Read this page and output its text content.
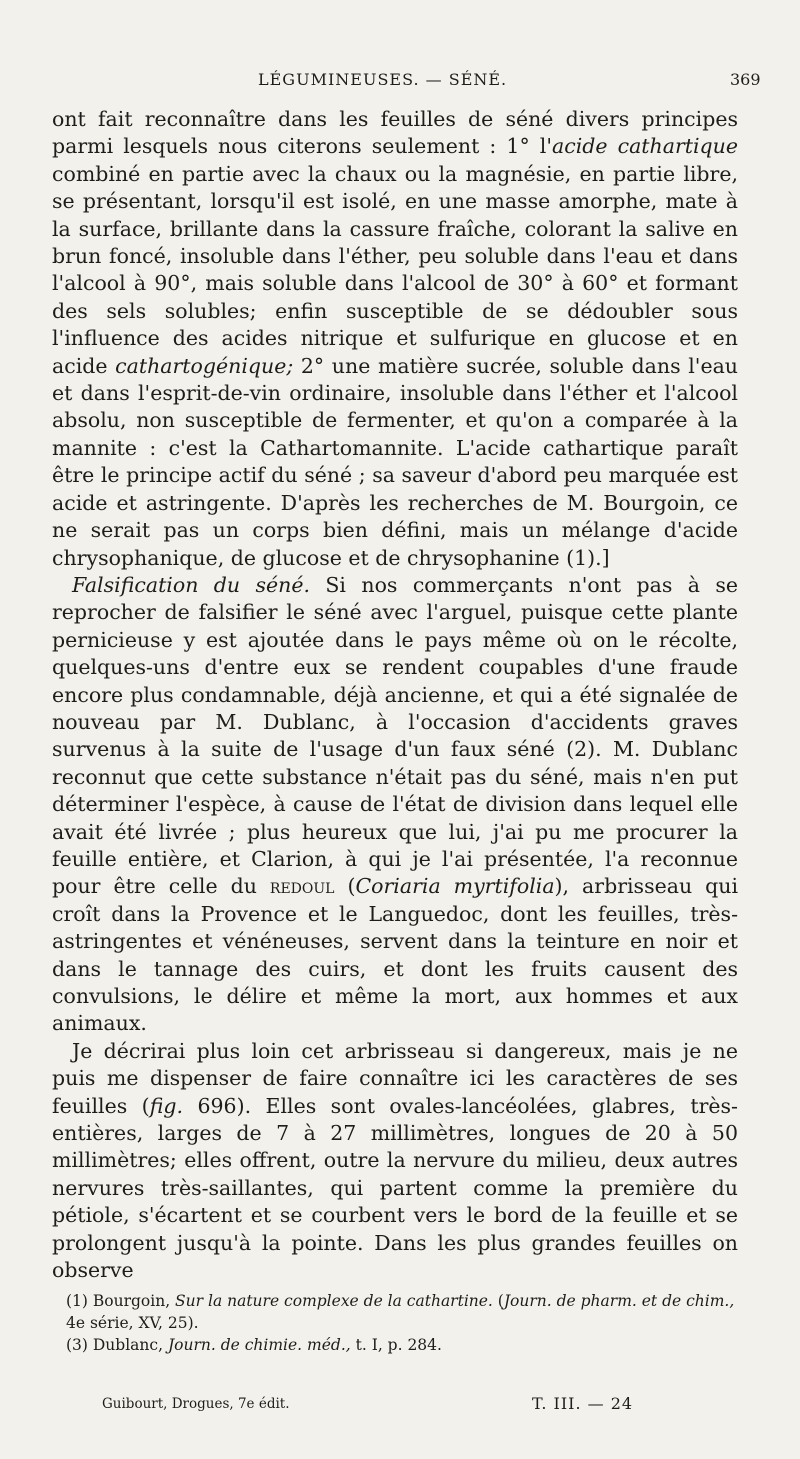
LÉGUMINEUSES. — SÉNÉ.	369

ont fait reconnaître dans les feuilles de séné divers principes parmi lesquels nous citerons seulement : 1° l'acide cathartique combiné en partie avec la chaux ou la magnésie, en partie libre, se présentant, lorsqu'il est isolé, en une masse amorphe, mate à la surface, brillante dans la cassure fraîche, colorant la salive en brun foncé, insoluble dans l'éther, peu soluble dans l'eau et dans l'alcool à 90°, mais soluble dans l'alcool de 30° à 60° et formant des sels solubles; enfin susceptible de se dédoubler sous l'influence des acides nitrique et sulfurique en glucose et en acide cathartogénique; 2° une matière sucrée, soluble dans l'eau et dans l'esprit-de-vin ordinaire, insoluble dans l'éther et l'alcool absolu, non susceptible de fermenter, et qu'on a comparée à la mannite : c'est la Cathartomannite. L'acide cathartique paraît être le principe actif du séné ; sa saveur d'abord peu marquée est acide et astringente. D'après les recherches de M. Bourgoin, ce ne serait pas un corps bien défini, mais un mélange d'acide chrysophanique, de glucose et de chrysophanine (1).]

Falsification du séné. Si nos commerçants n'ont pas à se reprocher de falsifier le séné avec l'arguel, puisque cette plante pernicieuse y est ajoutée dans le pays même où on le récolte, quelques-uns d'entre eux se rendent coupables d'une fraude encore plus condamnable, déjà ancienne, et qui a été signalée de nouveau par M. Dublanc, à l'occasion d'accidents graves survenus à la suite de l'usage d'un faux séné (2). M. Dublanc reconnut que cette substance n'était pas du séné, mais n'en put déterminer l'espèce, à cause de l'état de division dans lequel elle avait été livrée ; plus heureux que lui, j'ai pu me procurer la feuille entière, et Clarion, à qui je l'ai présentée, l'a reconnue pour être celle du redoul (Coriaria myrtifolia), arbrisseau qui croît dans la Provence et le Languedoc, dont les feuilles, très-astringentes et vénéneuses, servent dans la teinture en noir et dans le tannage des cuirs, et dont les fruits causent des convulsions, le délire et même la mort, aux hommes et aux animaux.

Je décrirai plus loin cet arbrisseau si dangereux, mais je ne puis me dispenser de faire connaître ici les caractères de ses feuilles (fig. 696). Elles sont ovales-lancéolées, glabres, très-entières, larges de 7 à 27 millimètres, longues de 20 à 50 millimètres; elles offrent, outre la nervure du milieu, deux autres nervures très-saillantes, qui partent comme la première du pétiole, s'écartent et se courbent vers le bord de la feuille et se prolongent jusqu'à la pointe. Dans les plus grandes feuilles on observe

(1) Bourgoin, Sur la nature complexe de la cathartine. (Journ. de pharm. et de chim., 4e série, XV, 25).

(3) Dublanc, Journ. de chimie. méd., t. I, p. 284.

Guibourt, Drogues, 7e édit.	T. III. — 24
